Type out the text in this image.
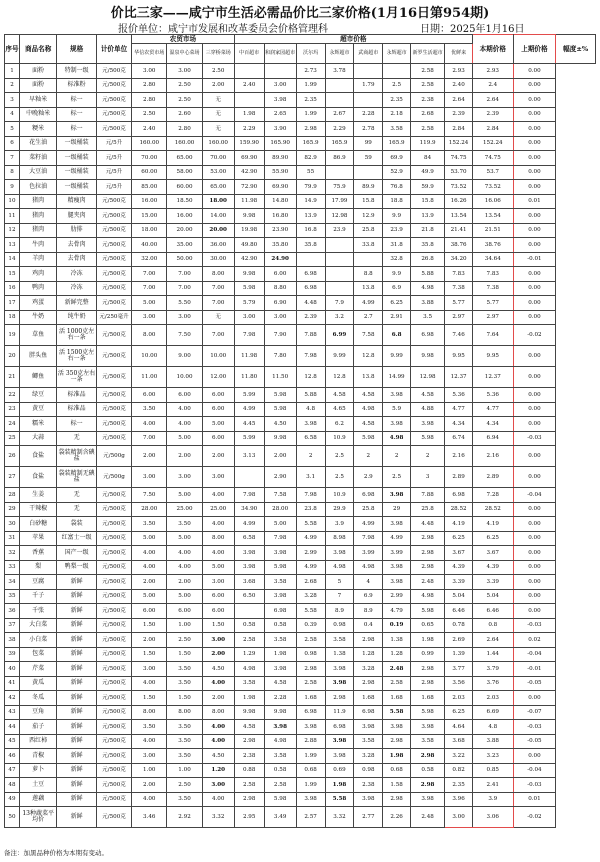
价比三家——咸宁市生活必需品价比三家价格(1月16日第954期)
报价单位：咸宁市发展和改革委员会价格管理科	日期：2025年1月16日
序号	商品名称	规格	计价单位	农贸市场			超市价格								本期价格	上期价格	幅度±%
				华信农贸市场	温泉中心菜场	三穿桥菜场	中百超市	和润家园超市	沃尔玛	永辉超市	武商超市	永辉超市	新罗生活超市	优鲜来			
1	面粉	特制一级	元/500克	3.00	3.00	2.50			2.73	3.78			2.58	2.93	2.93	0.00	
2	面粉	标准粉	元/500克	2.80	2.50	2.00	2.40	3.00	1.99		1.79	2.5	2.58	2.40	2.4	0.00	
3	早籼米	标一	元/500克	2.80	2.50	无		3.98	2.35			2.35	2.38	2.64	2.64	0.00	
4	中晚籼米	标一	元/500克	2.50	2.60	无	1.98	2.65	1.99	2.67	2.28	2.18	2.68	2.39	2.39	0.00	
5	粳米	标一	元/500克	2.40	2.80	无	2.29	3.90	2.98	2.29	2.78	3.58	2.58	2.84	2.84	0.00	
6	花生油	一级桶装	元/5升	160.00	160.00	160.00	159.90	165.90	165.9	165.9	99	165.9	119.9	152.24	152.24	0.00	
7	菜籽油	一级桶装	元/5升	70.00	65.00	70.00	69.90	89.90	82.9	86.9	59	69.9	84	74.75	74.75	0.00	
8	大豆油	一级桶装	元/5升	60.00	58.00	53.00	42.90	55.90	55			52.9	49.9	53.70	53.7	0.00	
9	色拉油	一级桶装	元/5升	85.00	60.00	65.00	72.90	69.90	79.9	75.9	89.9	76.8	59.9	73.52	73.52	0.00	
10	猪肉	精瘦肉	元/500克	16.00	18.50	18.00	11.98	14.80	14.9	17.99	15.8	18.8	15.8	16.26	16.06	0.01	
11	猪肉	腿夹肉	元/500克	15.00	16.00	14.00	9.98	16.80	13.9	12.98	12.9	9.9	13.9	13.54	13.54	0.00	
12	猪肉	肋排	元/500克	18.00	20.00	20.00	19.98	23.90	16.8	23.9	25.8	23.9	21.8	21.41	21.51	0.00	
13	牛肉	去骨肉	元/500克	40.00	35.00	36.00	49.80	35.80	35.8		33.8	31.8	35.8	38.76	38.76	0.00	
14	羊肉	去骨肉	元/500克	32.00	50.00	30.00	42.90	24.90				32.8	26.8	34.20	34.64	-0.01	
15	鸡肉	冷冻	元/500克	7.00	7.00	8.00	9.98	6.00	6.98		8.8	9.9	5.88	7.83	7.83	0.00	
16	鸭肉	冷冻	元/500克	7.00	7.00	7.00	5.98	8.80	6.98		13.8	6.9	4.98	7.38	7.38	0.00	
17	鸡蛋	新鲜完整	元/500克	5.00	5.50	7.00	5.79	6.90	4.48	7.9	4.99	6.25	3.88	5.77	5.77	0.00	
18	牛奶	纯牛奶	元/250毫升	3.00	3.00	无	3.00	3.00	2.39	3.2	2.7	2.91	3.5	2.97	2.97	0.00	
19	草鱼	活 1000克左右一条	元/500克	8.00	7.50	7.00	7.98	7.90	7.88	6.99	7.58	6.8	6.98	7.46	7.64	-0.02	
20	胖头鱼	活 1500克左右一条	元/500克	10.00	9.00	10.00	11.98	7.80	7.98	9.99	12.8	9.99	9.98	9.95	9.95	0.00	
21	鲫鱼	活 350克左右一条	元/500克	11.00	10.00	12.00	11.80	11.50	12.8	12.8	13.8	14.99	12.98	12.37	12.37	0.00	
22	绿豆	标准品	元/500克	6.00	6.00	6.00	5.99	5.98	5.88	4.58	4.58	3.98	4.58	5.36	5.36	0.00	
23	黄豆	标准品	元/500克	3.50	4.00	6.00	4.99	5.98	4.8	4.65	4.98	5.9	4.88	4.77	4.77	0.00	
24	糯米	标一	元/500克	4.00	4.00	5.00	4.45	4.50	3.98	6.2	4.58	3.98	3.98	4.34	4.34	0.00	
25	大蒜	无	元/500克	7.00	5.00	6.00	5.99	9.98	6.58	10.9	5.98	4.98	5.98	6.74	6.94	-0.03	
26	食盐	袋装精制含碘盐	元/500g	2.00	2.00	2.00	3.13	2.00	2	2.5	2	2	2	2.16	2.16	0.00	
27	食盐	袋装精制无碘盐	元/500g	3.00	3.00	3.00		2.90	3.1	2.5	2.9	2.5	3	2.89	2.89	0.00	
28	生姜	无	元/500克	7.50	5.00	4.00	7.98	7.58	7.98	10.9	6.98	3.98	7.88	6.98	7.28	-0.04	
29	干辣椒	无	元/500克	28.00	25.00	25.00	34.90	28.00	23.8	29.9	25.8	29	25.8	28.52	28.52	0.00	
30	白砂糖	袋装	元/500克	3.50	3.50	4.00	4.99	5.00	5.58	3.9	4.99	3.98	4.48	4.19	4.19	0.00	
31	苹果	红富士一级	元/500克	5.00	5.00	8.00	6.58	7.98	4.99	8.98	7.98	4.99	2.98	6.25	6.25	0.00	
32	香蕉	国产一级	元/500克	4.00	4.00	4.00	3.98	3.98	2.99	3.98	3.99	3.99	2.98	3.67	3.67	0.00	
33	梨	鸭梨一级	元/500克	4.00	4.00	5.00	3.98	5.98	4.99	4.98	4.98	3.98	2.98	4.39	4.39	0.00	
34	豆腐	新鲜	元/500克	2.00	2.00	3.00	3.68	3.58	2.68	5	4	3.98	2.48	3.39	3.39	0.00	
35	千子	新鲜	元/500克	5.00	5.00	6.00	6.50	3.98	3.28	7	6.9	2.99	4.98	5.04	5.04	0.00	
36	千张	新鲜	元/500克	6.00	6.00	6.00		6.98	5.58	8.9	8.9	4.79	5.98	6.46	6.46	0.00	
37	大白菜	新鲜	元/500克	1.50	1.00	1.50	0.58	0.58	0.39	0.98	0.4	0.19	0.65	0.78	0.8	-0.03	
38	小白菜	新鲜	元/500克	2.00	2.50	3.00	2.58	3.58	2.58	3.58	2.98	1.38	1.98	2.69	2.64	0.02	
39	包菜	新鲜	元/500克	1.50	1.50	2.00	1.29	1.98	0.98	1.38	1.28	1.28	0.99	1.39	1.44	-0.04	
40	芹菜	新鲜	元/500克	3.00	3.50	4.50	4.98	3.98	2.98	3.98	3.28	2.48	2.98	3.77	3.79	-0.01	
41	黄瓜	新鲜	元/500克	4.00	3.50	4.00	3.58	4.58	2.58	3.98	2.98	2.58	2.98	3.56	3.76	-0.05	
42	冬瓜	新鲜	元/500克	1.50	1.50	2.00	1.98	2.28	1.68	2.98	1.68	1.68	1.68	2.03	2.03	0.00	
43	豆角	新鲜	元/500克	8.00	8.00	8.00	9.98	9.98	6.98	11.9	6.98	5.58	5.98	6.25	6.69	-0.07	
44	茄子	新鲜	元/500克	3.50	3.50	4.00	4.58	3.98	3.98	6.98	3.98	3.98	3.98	4.64	4.8	-0.03	
45	西红柿	新鲜	元/500克	4.00	3.50	4.00	2.98	4.98	2.88	3.98	3.58	2.98	3.58	3.68	3.88	-0.05	
46	青椒	新鲜	元/500克	3.00	3.50	4.50	2.38	3.58	1.99	3.98	3.28	1.98	2.98	3.22	3.23	0.00	
47	萝卜	新鲜	元/500克	1.00	1.00	1.20	0.88	0.58	0.68	0.69	0.98	0.68	0.58	0.82	0.85	-0.04	
48	土豆	新鲜	元/500克	2.00	2.50	3.00	2.58	2.58	1.99	1.98	2.38	1.58	2.98	2.35	2.41	-0.03	
49	莲藕	新鲜	元/500克	4.00	3.50	4.00	2.98	5.98	3.98	5.58	3.98	2.98	3.98	3.96	3.9	0.01	
50	13种蔬菜平均价	新鲜	元/500克	3.46	2.92	3.32	2.95	3.49	2.57	3.32	2.77	2.26	2.48	3.00	3.06	-0.02	
备注：加黑品种价格为本期有变动。
